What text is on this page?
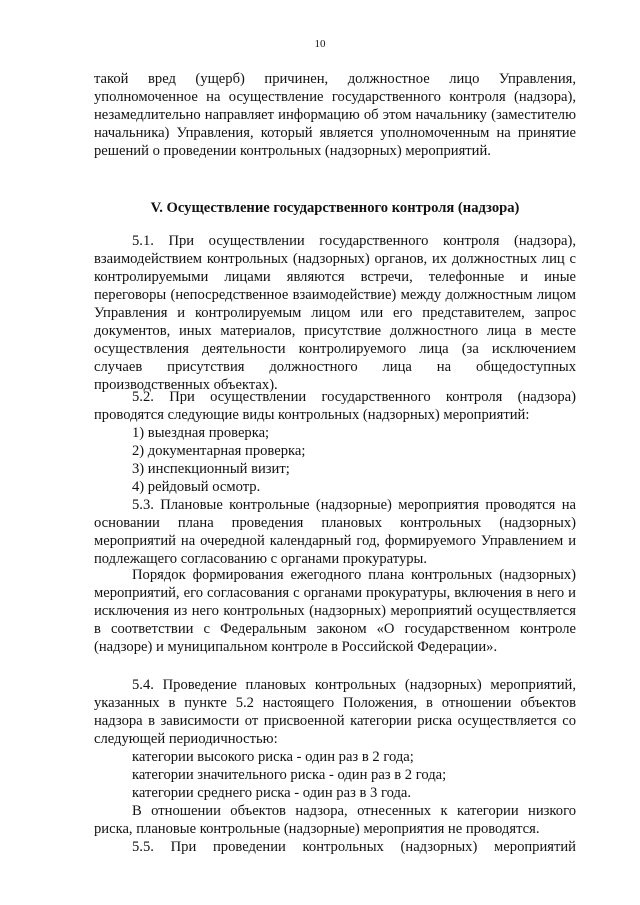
10
такой вред (ущерб) причинен, должностное лицо Управления, уполномоченное на осуществление государственного контроля (надзора), незамедлительно направляет информацию об этом начальнику (заместителю начальника) Управления, который является уполномоченным на принятие решений о проведении контрольных (надзорных) мероприятий.
V. Осуществление государственного контроля (надзора)
5.1. При осуществлении государственного контроля (надзора), взаимодействием контрольных (надзорных) органов, их должностных лиц с контролируемыми лицами являются встречи, телефонные и иные переговоры (непосредственное взаимодействие) между должностным лицом Управления и контролируемым лицом или его представителем, запрос документов, иных материалов, присутствие должностного лица в месте осуществления деятельности контролируемого лица (за исключением случаев присутствия должностного лица на общедоступных производственных объектах).
5.2. При осуществлении государственного контроля (надзора) проводятся следующие виды контрольных (надзорных) мероприятий:
1) выездная проверка;
2) документарная проверка;
3) инспекционный визит;
4) рейдовый осмотр.
5.3. Плановые контрольные (надзорные) мероприятия проводятся на основании плана проведения плановых контрольных (надзорных) мероприятий на очередной календарный год, формируемого Управлением и подлежащего согласованию с органами прокуратуры.
Порядок формирования ежегодного плана контрольных (надзорных) мероприятий, его согласования с органами прокуратуры, включения в него и исключения из него контрольных (надзорных) мероприятий осуществляется в соответствии с Федеральным законом «О государственном контроле (надзоре) и муниципальном контроле в Российской Федерации».
5.4. Проведение плановых контрольных (надзорных) мероприятий, указанных в пункте 5.2 настоящего Положения, в отношении объектов надзора в зависимости от присвоенной категории риска осуществляется со следующей периодичностью:
категории высокого риска - один раз в 2 года;
категории значительного риска - один раз в 2 года;
категории среднего риска - один раз в 3 года.
В отношении объектов надзора, отнесенных к категории низкого риска, плановые контрольные (надзорные) мероприятия не проводятся.
5.5. При проведении контрольных (надзорных) мероприятий
